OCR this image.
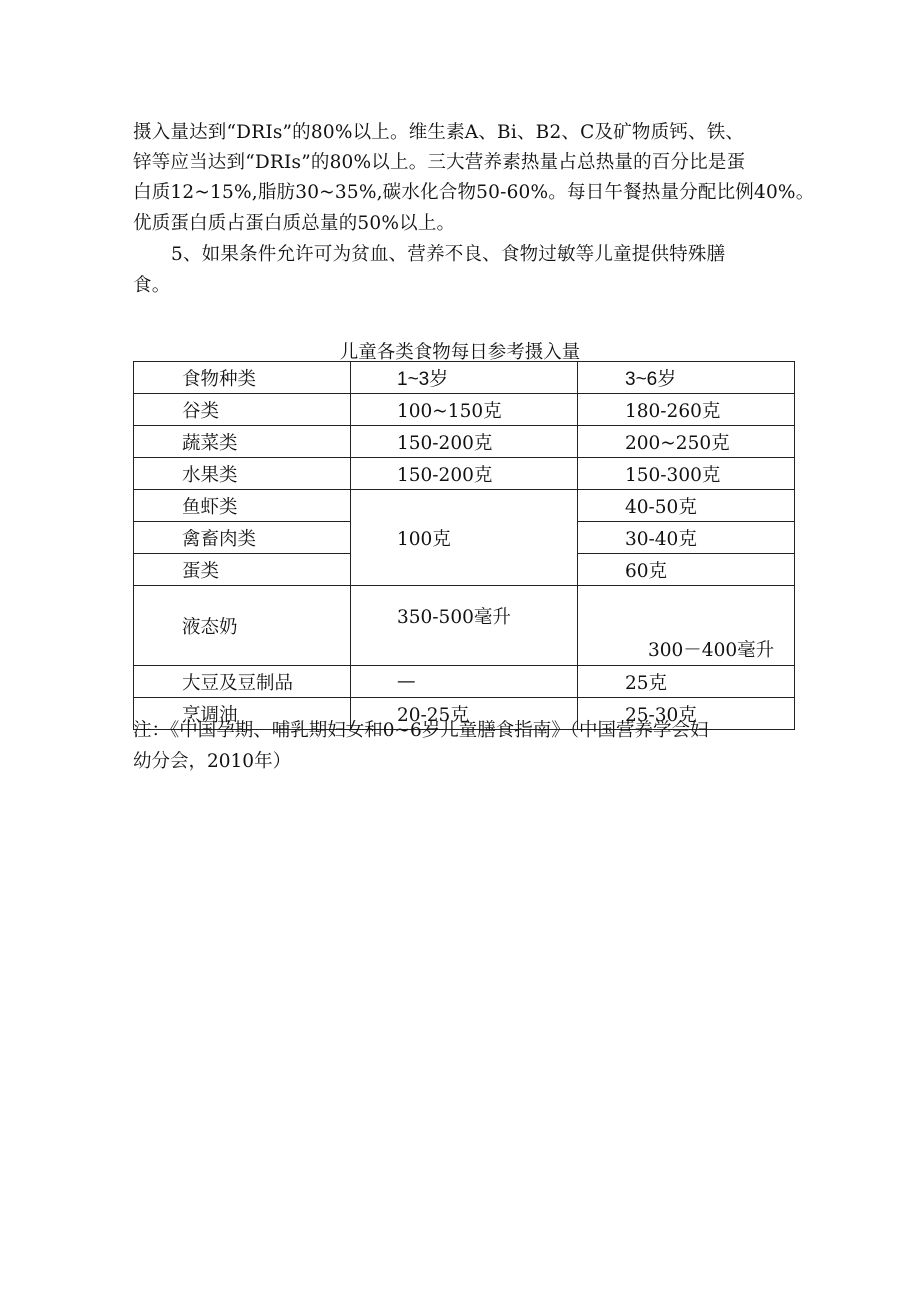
摄入量达到“DRIs”的80%以上。维生素A、Bi、B2、C及矿物质钙、铁、
锌等应当达到“DRIs”的80%以上。三大营养素热量占总热量的百分比是蛋
白质12~15%,脂肪30~35%,碳水化合物50-60%。每日午餐热量分配比例40%。
优质蛋白质占蛋白质总量的50%以上。
5、如果条件允许可为贫血、营养不良、食物过敏等儿童提供特殊膳
食。
儿童各类食物每日参考摄入量
食物种类	1~3岁	3~6岁
谷类	100~150克	180-260克
蔬菜类	150-200克	200~250克
水果类	150-200克	150-300克
鱼虾类	100克	40-50克
禽畜肉类		30-40克
蛋类		60克
液态奶	350-500毫升	300－400毫升
大豆及豆制品	—	25克
烹调油	20-25克	25-30克
注：《中国孕期、哺乳期妇女和0~6岁儿童膳食指南》（中国营养学会妇
幼分会，2010年）
